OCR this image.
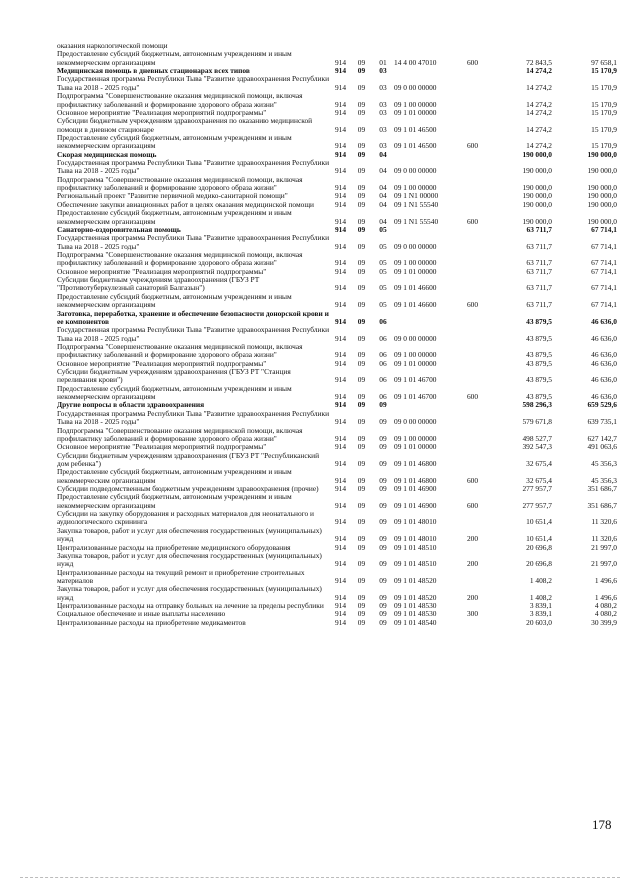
оказания наркологической помощи							
Предоставление субсидий бюджетным, автономным учреждениям и иным некоммерческим организациям	914	09	01	14 4 00 47010	600	72 843,5	97 658,1
Медицинская помощь в дневных стационарах всех типов	914	09	03			14 274,2	15 170,9
Государственная программа Республики Тыва "Развитие здравоохранения Республики Тыва на 2018 - 2025 годы"	914	09	03	09 0 00 00000		14 274,2	15 170,9
Подпрограмма "Совершенствование оказания медицинской помощи, включая профилактику заболеваний и формирование здорового образа жизни"	914	09	03	09 1 00 00000		14 274,2	15 170,9
Основное мероприятие "Реализация мероприятий подпрограммы"	914	09	03	09 1 01 00000		14 274,2	15 170,9
Субсидии бюджетным учреждениям здравоохранения по оказанию медицинской помощи в дневном стационаре	914	09	03	09 1 01 46500		14 274,2	15 170,9
Предоставление субсидий бюджетным, автономным учреждениям и иным некоммерческим организациям	914	09	03	09 1 01 46500	600	14 274,2	15 170,9
Скорая медицинская помощь	914	09	04			190 000,0	190 000,0
Государственная программа Республики Тыва "Развитие здравоохранения Республики Тыва на 2018 - 2025 годы"	914	09	04	09 0 00 00000		190 000,0	190 000,0
Подпрограмма "Совершенствование оказания медицинской помощи, включая профилактику заболеваний и формирование здорового образа жизни"	914	09	04	09 1 00 00000		190 000,0	190 000,0
Региональный проект "Развитие первичной медико-санитарной помощи"	914	09	04	09 1 N1 00000		190 000,0	190 000,0
Обеспечение закупки авиационных работ в целях оказания медицинской помощи	914	09	04	09 1 N1 55540		190 000,0	190 000,0
Предоставление субсидий бюджетным, автономным учреждениям и иным некоммерческим организациям	914	09	04	09 1 N1 55540	600	190 000,0	190 000,0
Санаторно-оздоровительная помощь	914	09	05			63 711,7	67 714,1
Государственная программа Республики Тыва "Развитие здравоохранения Республики Тыва на 2018 - 2025 годы"	914	09	05	09 0 00 00000		63 711,7	67 714,1
Подпрограмма "Совершенствование оказания медицинской помощи, включая профилактику заболеваний и формирование здорового образа жизни"	914	09	05	09 1 00 00000		63 711,7	67 714,1
Основное мероприятие "Реализация мероприятий подпрограммы"	914	09	05	09 1 01 00000		63 711,7	67 714,1
Субсидии бюджетным учреждениям здравоохранения (ГБУЗ РТ "Противотуберкулезный санаторий Балгазын")	914	09	05	09 1 01 46600		63 711,7	67 714,1
Предоставление субсидий бюджетным, автономным учреждениям и иным некоммерческим организациям	914	09	05	09 1 01 46600	600	63 711,7	67 714,1
Заготовка, переработка, хранение и обеспечение безопасности донорской крови и ее компонентов	914	09	06			43 879,5	46 636,0
Государственная программа Республики Тыва "Развитие здравоохранения Республики Тыва на 2018 - 2025 годы"	914	09	06	09 0 00 00000		43 879,5	46 636,0
Подпрограмма "Совершенствование оказания медицинской помощи, включая профилактику заболеваний и формирование здорового образа жизни"	914	09	06	09 1 00 00000		43 879,5	46 636,0
Основное мероприятие "Реализация мероприятий подпрограммы"	914	09	06	09 1 01 00000		43 879,5	46 636,0
Субсидии бюджетным учреждениям здравоохранения (ГБУЗ РТ "Станция переливания крови")	914	09	06	09 1 01 46700		43 879,5	46 636,0
Предоставление субсидий бюджетным, автономным учреждениям и иным некоммерческим организациям	914	09	06	09 1 01 46700	600	43 879,5	46 636,0
Другие вопросы в области здравоохранения	914	09	09			598 296,3	659 529,6
Государственная программа Республики Тыва "Развитие здравоохранения Республики Тыва на 2018 - 2025 годы"	914	09	09	09 0 00 00000		579 671,8	639 735,1
Подпрограмма "Совершенствование оказания медицинской помощи, включая профилактику заболеваний и формирование здорового образа жизни"	914	09	09	09 1 00 00000		498 527,7	627 142,7
Основное мероприятие "Реализация мероприятий подпрограммы"	914	09	09	09 1 01 00000		392 547,3	491 063,6
Субсидии бюджетным учреждениям здравоохранения (ГБУЗ РТ "Республиканский дом ребенка")	914	09	09	09 1 01 46800		32 675,4	45 356,3
Предоставление субсидий бюджетным, автономным учреждениям и иным некоммерческим организациям	914	09	09	09 1 01 46800	600	32 675,4	45 356,3
Субсидии подведомственным бюджетным учреждениям здравоохранения (прочие)	914	09	09	09 1 01 46900		277 957,7	351 686,7
Предоставление субсидий бюджетным, автономным учреждениям и иным некоммерческим организациям	914	09	09	09 1 01 46900	600	277 957,7	351 686,7
Субсидии на закупку оборудования и расходных материалов для неонатального и аудиологического скрининга	914	09	09	09 1 01 48010		10 651,4	11 320,6
Закупка товаров, работ и услуг для обеспечения государственных (муниципальных) нужд	914	09	09	09 1 01 48010	200	10 651,4	11 320,6
Централизованные расходы на приобретение медицинского оборудования	914	09	09	09 1 01 48510		20 696,8	21 997,0
Закупка товаров, работ и услуг для обеспечения государственных (муниципальных) нужд	914	09	09	09 1 01 48510	200	20 696,8	21 997,0
Централизованные расходы на текущий ремонт и приобретение строительных материалов	914	09	09	09 1 01 48520		1 408,2	1 496,6
Закупка товаров, работ и услуг для обеспечения государственных (муниципальных) нужд	914	09	09	09 1 01 48520	200	1 408,2	1 496,6
Централизованные расходы на отправку больных на лечение за пределы республики	914	09	09	09 1 01 48530		3 839,1	4 080,2
Социальное обеспечение и иные выплаты населению	914	09	09	09 1 01 48530	300	3 839,1	4 080,2
Централизованные расходы на приобретение медикаментов	914	09	09	09 1 01 48540		20 603,0	30 399,9
178
